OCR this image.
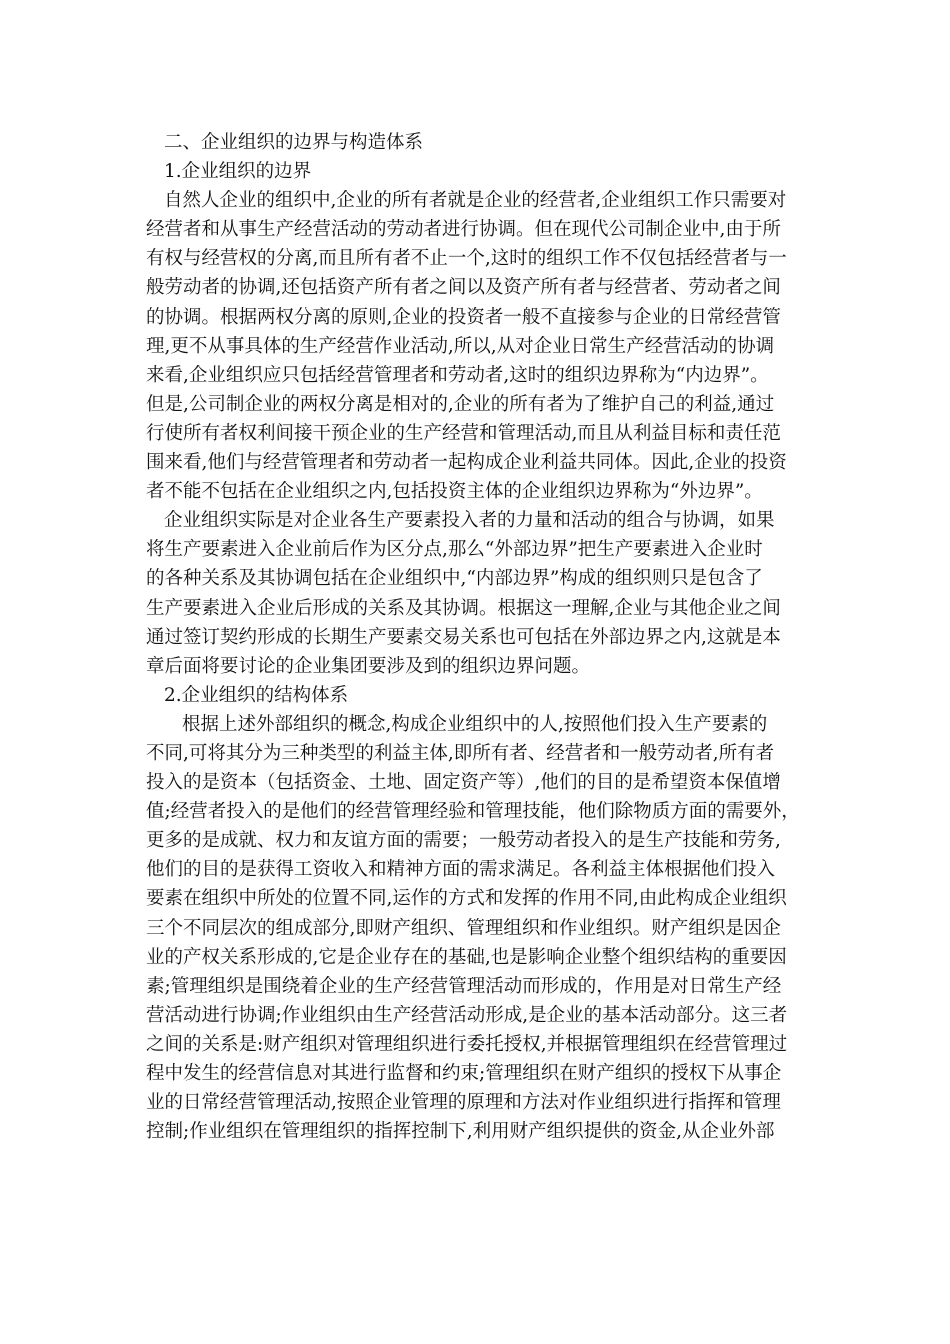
二、企业组织的边界与构造体系
1.企业组织的边界
自然人企业的组织中,企业的所有者就是企业的经营者,企业组织工作只需要对
经营者和从事生产经营活动的劳动者进行协调。但在现代公司制企业中,由于所
有权与经营权的分离,而且所有者不止一个,这时的组织工作不仅包括经营者与一
般劳动者的协调,还包括资产所有者之间以及资产所有者与经营者、劳动者之间
的协调。根据两权分离的原则,企业的投资者一般不直接参与企业的日常经营管
理,更不从事具体的生产经营作业活动,所以,从对企业日常生产经营活动的协调
来看,企业组织应只包括经营管理者和劳动者,这时的组织边界称为“内边界”。
但是,公司制企业的两权分离是相对的,企业的所有者为了维护自己的利益,通过
行使所有者权利间接干预企业的生产经营和管理活动,而且从利益目标和责任范
围来看,他们与经营管理者和劳动者一起构成企业利益共同体。因此,企业的投资
者不能不包括在企业组织之内,包括投资主体的企业组织边界称为“外边界”。
企业组织实际是对企业各生产要素投入者的力量和活动的组合与协调，如果
将生产要素进入企业前后作为区分点,那么“外部边界”把生产要素进入企业时
的各种关系及其协调包括在企业组织中,“内部边界”构成的组织则只是包含了
生产要素进入企业后形成的关系及其协调。根据这一理解,企业与其他企业之间
通过签订契约形成的长期生产要素交易关系也可包括在外部边界之内,这就是本
章后面将要讨论的企业集团要涉及到的组织边界问题。
2.企业组织的结构体系
根据上述外部组织的概念,构成企业组织中的人,按照他们投入生产要素的
不同,可将其分为三种类型的利益主体,即所有者、经营者和一般劳动者,所有者
投入的是资本（包括资金、土地、固定资产等）,他们的目的是希望资本保值增
值;经营者投入的是他们的经营管理经验和管理技能，他们除物质方面的需要外，
更多的是成就、权力和友谊方面的需要；一般劳动者投入的是生产技能和劳务,
他们的目的是获得工资收入和精神方面的需求满足。各利益主体根据他们投入
要素在组织中所处的位置不同,运作的方式和发挥的作用不同,由此构成企业组织
三个不同层次的组成部分,即财产组织、管理组织和作业组织。财产组织是因企
业的产权关系形成的,它是企业存在的基础,也是影响企业整个组织结构的重要因
素;管理组织是围绕着企业的生产经营管理活动而形成的，作用是对日常生产经
营活动进行协调;作业组织由生产经营活动形成,是企业的基本活动部分。这三者
之间的关系是:财产组织对管理组织进行委托授权,并根据管理组织在经营管理过
程中发生的经营信息对其进行监督和约束;管理组织在财产组织的授权下从事企
业的日常经营管理活动,按照企业管理的原理和方法对作业组织进行指挥和管理
控制;作业组织在管理组织的指挥控制下,利用财产组织提供的资金,从企业外部
